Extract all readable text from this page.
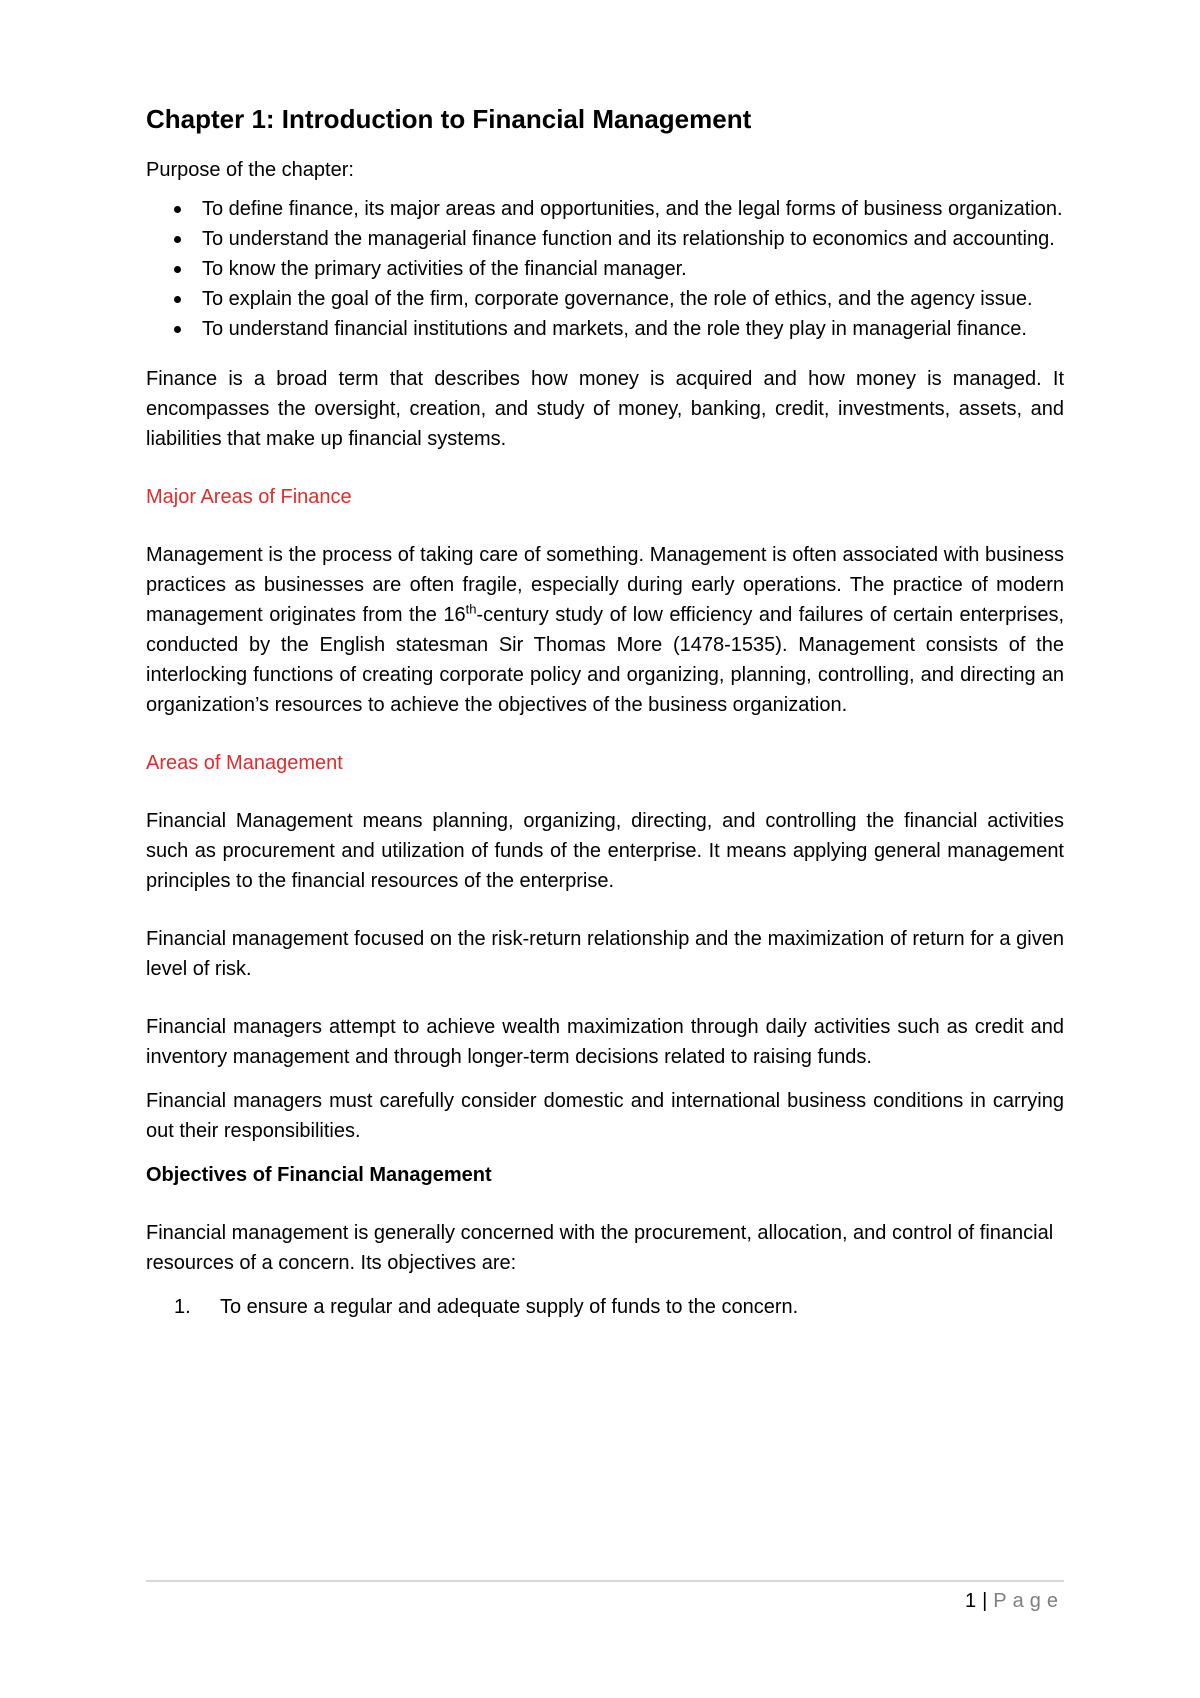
Chapter 1: Introduction to Financial Management

Purpose of the chapter:

To define finance, its major areas and opportunities, and the legal forms of business organization.
To understand the managerial finance function and its relationship to economics and accounting.
To know the primary activities of the financial manager.
To explain the goal of the firm, corporate governance, the role of ethics, and the agency issue.
To understand financial institutions and markets, and the role they play in managerial finance.

Finance is a broad term that describes how money is acquired and how money is managed. It encompasses the oversight, creation, and study of money, banking, credit, investments, assets, and liabilities that make up financial systems.

Major Areas of Finance

Management is the process of taking care of something. Management is often associated with business practices as businesses are often fragile, especially during early operations. The practice of modern management originates from the 16th-century study of low efficiency and failures of certain enterprises, conducted by the English statesman Sir Thomas More (1478-1535). Management consists of the interlocking functions of creating corporate policy and organizing, planning, controlling, and directing an organization’s resources to achieve the objectives of the business organization.

Areas of Management

Financial Management means planning, organizing, directing, and controlling the financial activities such as procurement and utilization of funds of the enterprise. It means applying general management principles to the financial resources of the enterprise.

Financial management focused on the risk-return relationship and the maximization of return for a given level of risk.

Financial managers attempt to achieve wealth maximization through daily activities such as credit and inventory management and through longer-term decisions related to raising funds.

Financial managers must carefully consider domestic and international business conditions in carrying out their responsibilities.

Objectives of Financial Management

Financial management is generally concerned with the procurement, allocation, and control of financial resources of a concern. Its objectives are:

1. To ensure a regular and adequate supply of funds to the concern.
1 | Page
